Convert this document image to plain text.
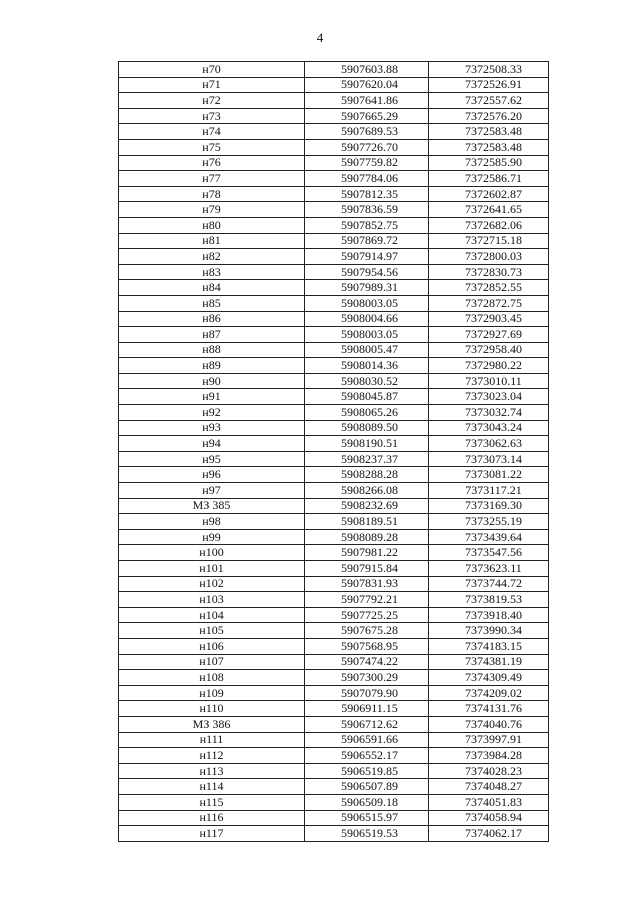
4
н70	5907603.88	7372508.33
н71	5907620.04	7372526.91
н72	5907641.86	7372557.62
н73	5907665.29	7372576.20
н74	5907689.53	7372583.48
н75	5907726.70	7372583.48
н76	5907759.82	7372585.90
н77	5907784.06	7372586.71
н78	5907812.35	7372602.87
н79	5907836.59	7372641.65
н80	5907852.75	7372682.06
н81	5907869.72	7372715.18
н82	5907914.97	7372800.03
н83	5907954.56	7372830.73
н84	5907989.31	7372852.55
н85	5908003.05	7372872.75
н86	5908004.66	7372903.45
н87	5908003.05	7372927.69
н88	5908005.47	7372958.40
н89	5908014.36	7372980.22
н90	5908030.52	7373010.11
н91	5908045.87	7373023.04
н92	5908065.26	7373032.74
н93	5908089.50	7373043.24
н94	5908190.51	7373062.63
н95	5908237.37	7373073.14
н96	5908288.28	7373081.22
н97	5908266.08	7373117.21
МЗ 385	5908232.69	7373169.30
н98	5908189.51	7373255.19
н99	5908089.28	7373439.64
н100	5907981.22	7373547.56
н101	5907915.84	7373623.11
н102	5907831.93	7373744.72
н103	5907792.21	7373819.53
н104	5907725.25	7373918.40
н105	5907675.28	7373990.34
н106	5907568.95	7374183.15
н107	5907474.22	7374381.19
н108	5907300.29	7374309.49
н109	5907079.90	7374209.02
н110	5906911.15	7374131.76
МЗ 386	5906712.62	7374040.76
н111	5906591.66	7373997.91
н112	5906552.17	7373984.28
н113	5906519.85	7374028.23
н114	5906507.89	7374048.27
н115	5906509.18	7374051.83
н116	5906515.97	7374058.94
н117	5906519.53	7374062.17
